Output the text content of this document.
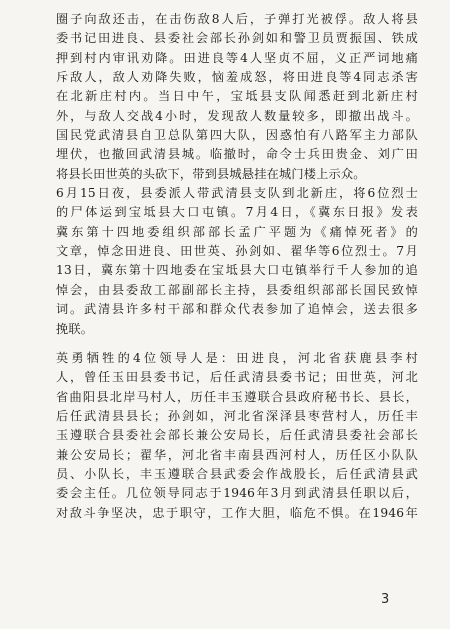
圈子向敌还击，在击伤敌8人后，子弹打光被俘。敌人将县
委书记田进良、县委社会部长孙剑如和警卫员贾振国、铁成
押到村内审讯劝降。田进良等4人坚贞不屈，义正严词地痛
斥敌人，敌人劝降失败，恼羞成怒，将田进良等4同志杀害
在北新庄村内。当日中午，宝坻县支队闻悉赶到北新庄村
外，与敌人交战4小时，发现敌人数量较多，即撤出战斗。
国民党武清县自卫总队第四大队，因惑怕有八路军主力部队
埋伏，也撤回武清县城。临撤时，命令士兵田贵金、刘广田
将县长田世英的头砍下，带到县城悬挂在城门楼上示众。
6月15日夜，县委派人带武清县支队到北新庄，将6位烈士
的尸体运到宝坻县大口屯镇。7月4日，《冀东日报》发表
冀东第十四地委组织部部长孟广平题为《痛悼死者》的
文章，悼念田进良、田世英、孙剑如、翟华等6位烈士。7月
13日，冀东第十四地委在宝坻县大口屯镇举行千人参加的追
悼会，由县委敌工部副部长主持，县委组织部部长国民致悼
词。武清县许多村干部和群众代表参加了追悼会，送去很多
挽联。
英勇牺牲的4位领导人是：田进良，河北省获鹿县李村
人，曾任玉田县委书记，后任武清县委书记；田世英，河北
省曲阳县北岸马村人，历任丰玉遵联合县政府秘书长、县长，
后任武清县县长；孙剑如，河北省深泽县枣营村人，历任丰
玉遵联合县委社会部长兼公安局长，后任武清县委社会部长
兼公安局长；翟华，河北省丰南县西河村人，历任区小队队
员、小队长，丰玉遵联合县武委会作战股长，后任武清县武
委会主任。几位领导同志于1946年3月到武清县任职以后，
对敌斗争坚决，忠于职守，工作大胆，临危不惧。在1946年
3
